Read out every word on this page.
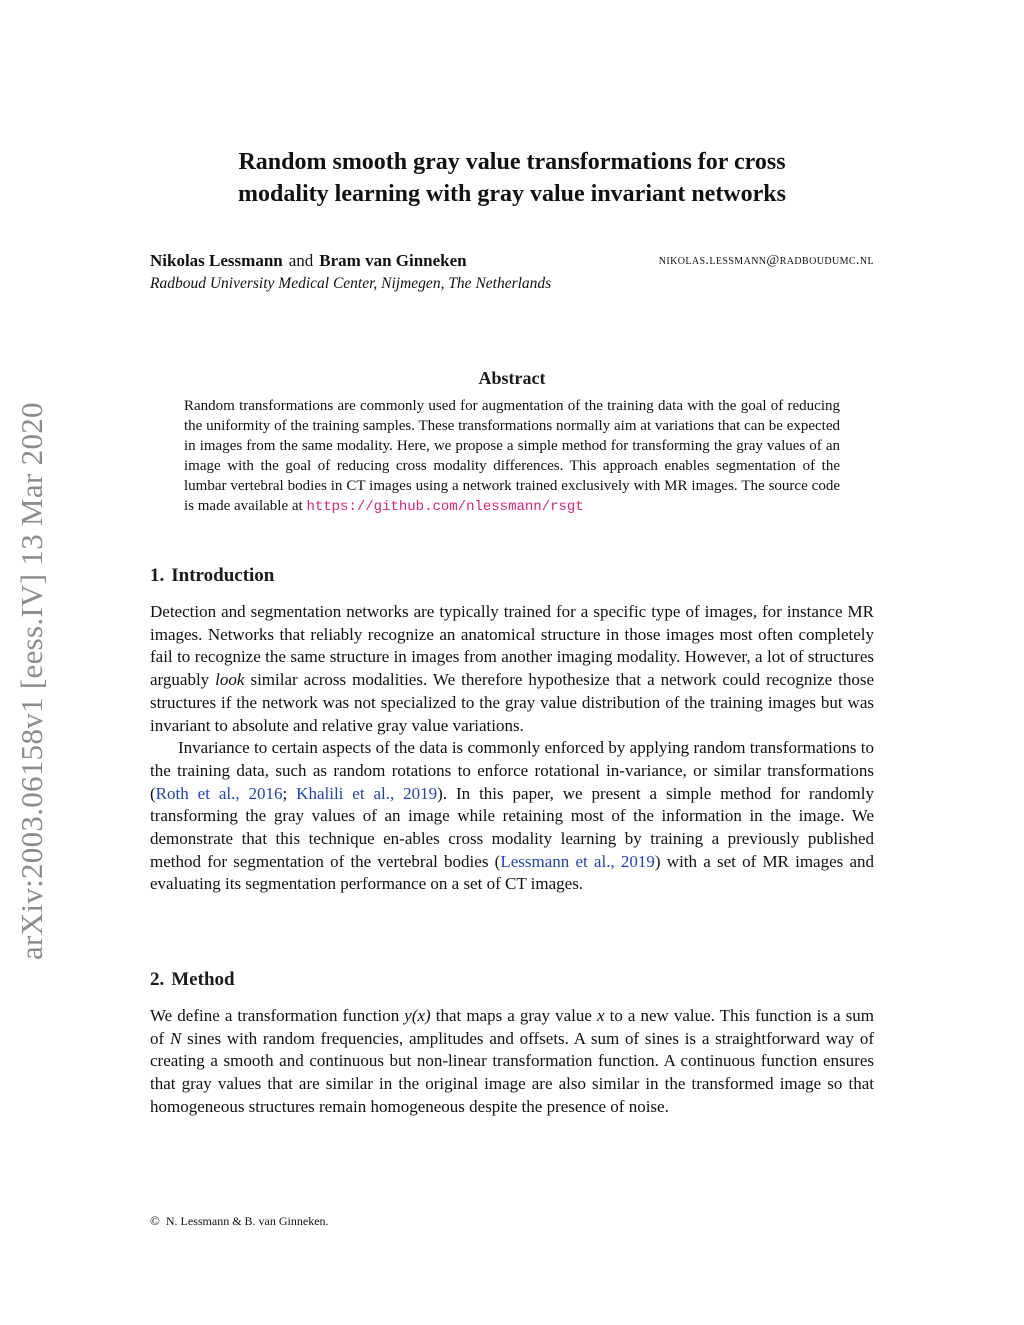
arXiv:2003.06158v1 [eess.IV] 13 Mar 2020
Random smooth gray value transformations for cross
modality learning with gray value invariant networks
Nikolas Lessmann and Bram van Ginneken	nikolas.lessmann@radboudumc.nl
Radboud University Medical Center, Nijmegen, The Netherlands
Abstract
Random transformations are commonly used for augmentation of the training data with the goal of reducing the uniformity of the training samples. These transformations normally aim at variations that can be expected in images from the same modality. Here, we propose a simple method for transforming the gray values of an image with the goal of reducing cross modality differences. This approach enables segmentation of the lumbar vertebral bodies in CT images using a network trained exclusively with MR images. The source code is made available at https://github.com/nlessmann/rsgt
1. Introduction

Detection and segmentation networks are typically trained for a specific type of images, for instance MR images. Networks that reliably recognize an anatomical structure in those images most often completely fail to recognize the same structure in images from another imaging modality. However, a lot of structures arguably look similar across modalities. We therefore hypothesize that a network could recognize those structures if the network was not specialized to the gray value distribution of the training images but was invariant to absolute and relative gray value variations.

Invariance to certain aspects of the data is commonly enforced by applying random transformations to the training data, such as random rotations to enforce rotational in-variance, or similar transformations (Roth et al., 2016; Khalili et al., 2019). In this paper, we present a simple method for randomly transforming the gray values of an image while retaining most of the information in the image. We demonstrate that this technique en-ables cross modality learning by training a previously published method for segmentation of the vertebral bodies (Lessmann et al., 2019) with a set of MR images and evaluating its segmentation performance on a set of CT images.

2. Method

We define a transformation function y(x) that maps a gray value x to a new value. This function is a sum of N sines with random frequencies, amplitudes and offsets. A sum of sines is a straightforward way of creating a smooth and continuous but non-linear transformation function. A continuous function ensures that gray values that are similar in the original image are also similar in the transformed image so that homogeneous structures remain homogeneous despite the presence of noise.

© N. Lessmann & B. van Ginneken.
